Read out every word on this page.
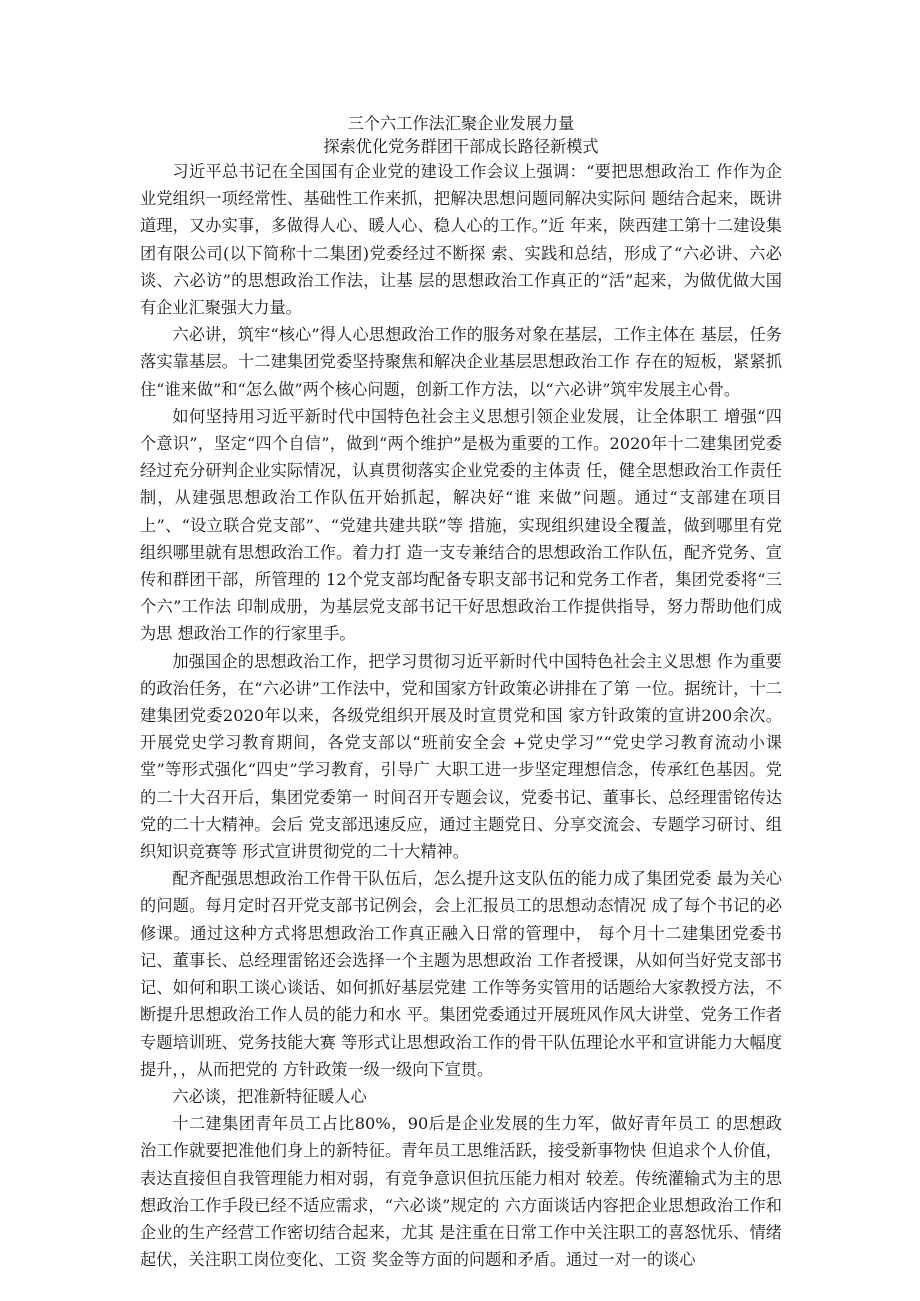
三个六工作法汇聚企业发展力量
探索优化党务群团干部成长路径新模式

习近平总书记在全国国有企业党的建设工作会议上强调：“要把思想政治工 作作为企业党组织一项经常性、基础性工作来抓，把解决思想问题同解决实际问 题结合起来，既讲道理，又办实事，多做得人心、暖人心、稳人心的工作。”近 年来，陕西建工第十二建设集团有限公司(以下简称十二集团)党委经过不断探 索、实践和总结，形成了“六必讲、六必谈、六必访”的思想政治工作法，让基 层的思想政治工作真正的“活”起来，为做优做大国有企业汇聚强大力量。

六必讲，筑牢“核心”得人心思想政治工作的服务对象在基层，工作主体在 基层，任务落实靠基层。十二建集团党委坚持聚焦和解决企业基层思想政治工作 存在的短板，紧紧抓住“谁来做”和“怎么做”两个核心问题，创新工作方法，以“六必讲”筑牢发展主心骨。

如何坚持用习近平新时代中国特色社会主义思想引领企业发展，让全体职工 增强“四个意识”，坚定“四个自信”，做到“两个维护”是极为重要的工作。2020年十二建集团党委经过充分研判企业实际情况，认真贯彻落实企业党委的主体责 任，健全思想政治工作责任制，从建强思想政治工作队伍开始抓起，解决好“谁 来做”问题。通过“支部建在项目上”、“设立联合党支部”、“党建共建共联”等 措施，实现组织建设全覆盖，做到哪里有党组织哪里就有思想政治工作。着力打 造一支专兼结合的思想政治工作队伍，配齐党务、宣传和群团干部，所管理的 12个党支部均配备专职支部书记和党务工作者，集团党委将“三个六”工作法 印制成册，为基层党支部书记干好思想政治工作提供指导，努力帮助他们成为思 想政治工作的行家里手。

加强国企的思想政治工作，把学习贯彻习近平新时代中国特色社会主义思想 作为重要的政治任务，在“六必讲”工作法中，党和国家方针政策必讲排在了第 一位。据统计，十二建集团党委2020年以来，各级党组织开展及时宣贯党和国 家方针政策的宣讲200余次。开展党史学习教育期间，各党支部以“班前安全会 +党史学习”“党史学习教育流动小课堂”等形式强化“四史”学习教育，引导广 大职工进一步坚定理想信念，传承红色基因。党的二十大召开后，集团党委第一 时间召开专题会议，党委书记、董事长、总经理雷铭传达党的二十大精神。会后 党支部迅速反应，通过主题党日、分享交流会、专题学习研讨、组织知识竞赛等 形式宣讲贯彻党的二十大精神。

配齐配强思想政治工作骨干队伍后，怎么提升这支队伍的能力成了集团党委 最为关心的问题。每月定时召开党支部书记例会，会上汇报员工的思想动态情况 成了每个书记的必修课。通过这种方式将思想政治工作真正融入日常的管理中， 每个月十二建集团党委书记、董事长、总经理雷铭还会选择一个主题为思想政治 工作者授课，从如何当好党支部书记、如何和职工谈心谈话、如何抓好基层党建 工作等务实管用的话题给大家教授方法，不断提升思想政治工作人员的能力和水 平。集团党委通过开展班风作风大讲堂、党务工作者专题培训班、党务技能大赛 等形式让思想政治工作的骨干队伍理论水平和宣讲能力大幅度提升，，从而把党的 方针政策一级一级向下宣贯。

六必谈，把准新特征暖人心

十二建集团青年员工占比80%，90后是企业发展的生力军，做好青年员工 的思想政治工作就要把准他们身上的新特征。青年员工思维活跃，接受新事物快 但追求个人价值，表达直接但自我管理能力相对弱，有竞争意识但抗压能力相对 较差。传统灌输式为主的思想政治工作手段已经不适应需求，“六必谈”规定的 六方面谈话内容把企业思想政治工作和企业的生产经营工作密切结合起来，尤其 是注重在日常工作中关注职工的喜怒忧乐、情绪起伏，关注职工岗位变化、工资 奖金等方面的问题和矛盾。通过一对一的谈心
